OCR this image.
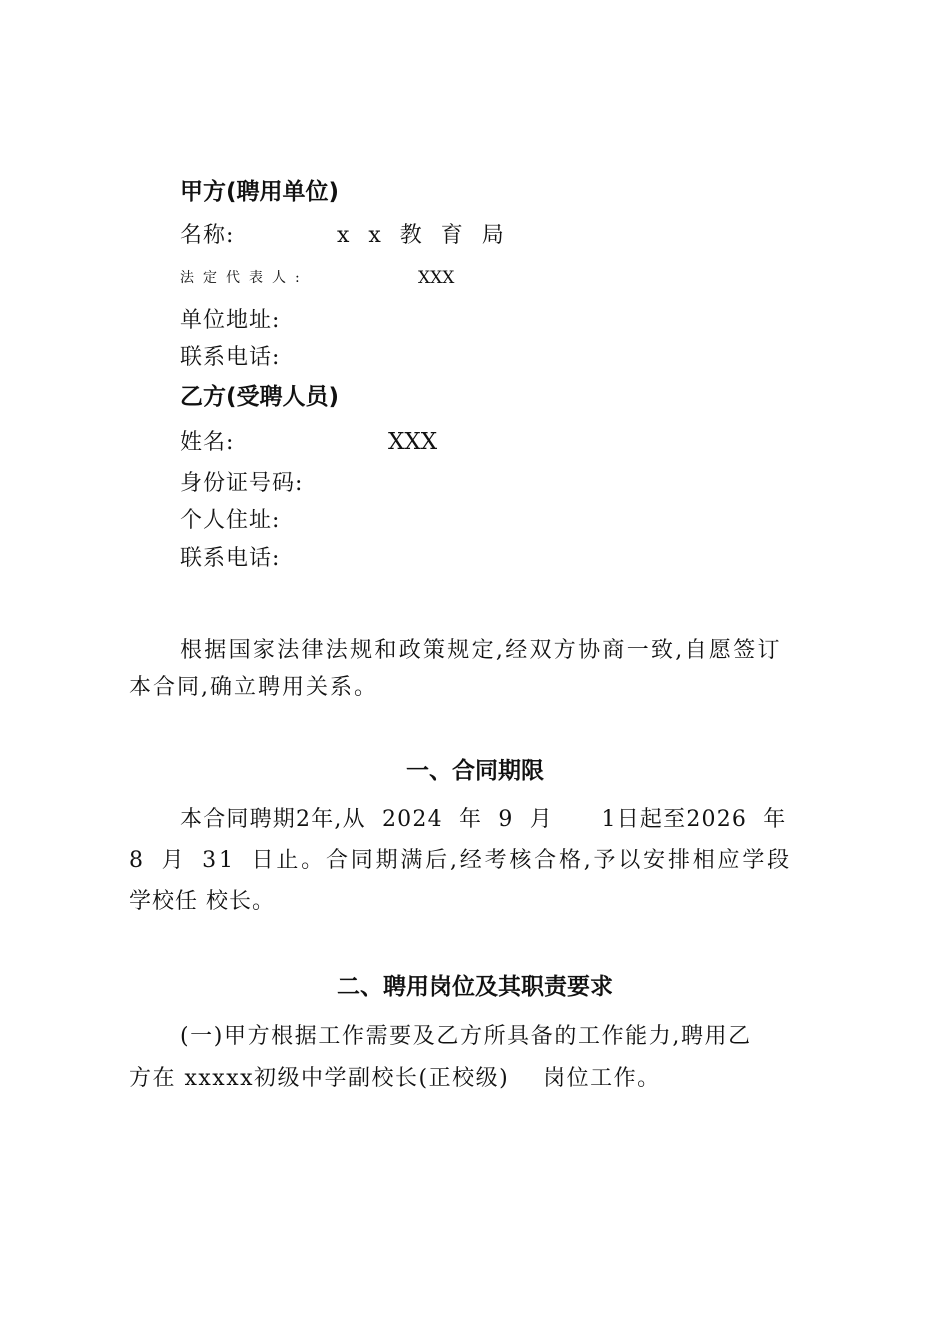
甲方(聘用单位)
名称:	x x 教 育 局
法定代表人:	XXX
单位地址:
联系电话:
乙方(受聘人员)
姓名:	XXX
身份证号码:
个人住址:
联系电话:
根据国家法律法规和政策规定,经双方协商一致,自愿签订
本合同,确立聘用关系。
一、合同期限
本合同聘期2年,从 2024 年 9 月   1日起至2026 年
8 月 31 日止。合同期满后,经考核合格,予以安排相应学段
学校任 校长。
二、聘用岗位及其职责要求
(一)甲方根据工作需要及乙方所具备的工作能力,聘用乙
方在 xxxxx初级中学副校长(正校级)    岗位工作。
